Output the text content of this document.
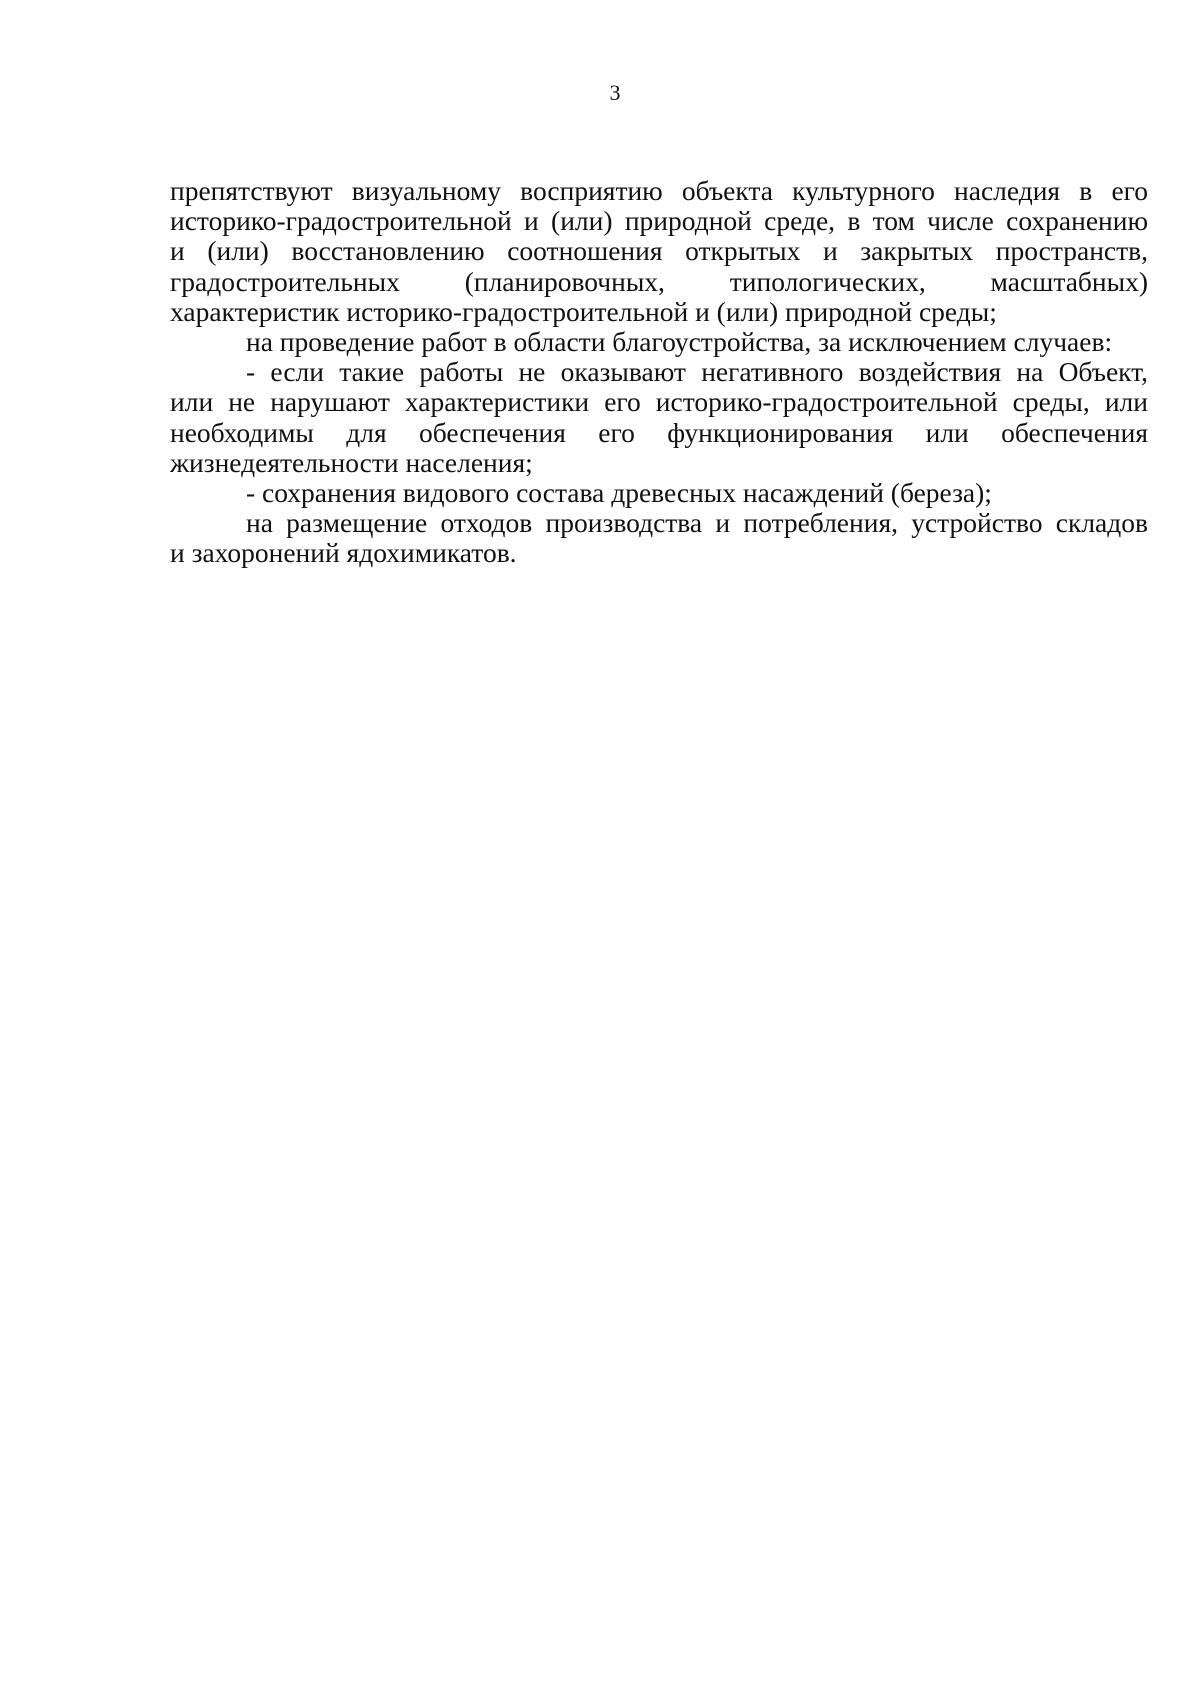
3
препятствуют визуальному восприятию объекта культурного наследия в его
историко-градостроительной и (или) природной среде, в том числе сохранению
и (или) восстановлению соотношения открытых и закрытых пространств,
градостроительных (планировочных, типологических, масштабных)
характеристик историко-градостроительной и (или) природной среды;
на проведение работ в области благоустройства, за исключением случаев:
- если такие работы не оказывают негативного воздействия на Объект,
или не нарушают характеристики его историко-градостроительной среды, или
необходимы для обеспечения его функционирования или обеспечения
жизнедеятельности населения;
- сохранения видового состава древесных насаждений (береза);
на размещение отходов производства и потребления, устройство складов
и захоронений ядохимикатов.
